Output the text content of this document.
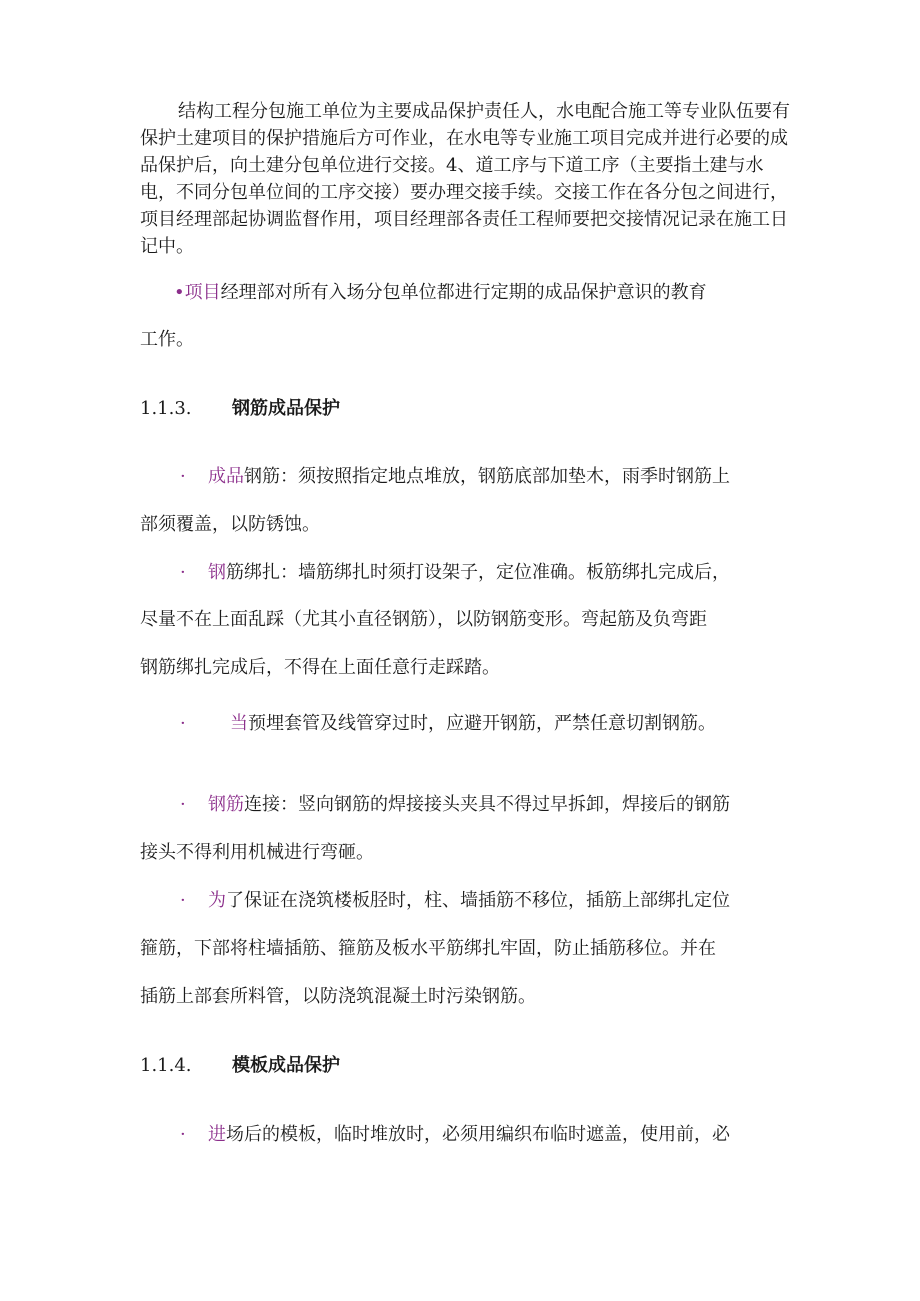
结构工程分包施工单位为主要成品保护责任人，水电配合施工等专业队伍要有保护土建项目的保护措施后方可作业，在水电等专业施工项目完成并进行必要的成品保护后，向土建分包单位进行交接。4、道工序与下道工序（主要指土建与水电，不同分包单位间的工序交接）要办理交接手续。交接工作在各分包之间进行，项目经理部起协调监督作用，项目经理部各责任工程师要把交接情况记录在施工日记中。
•项目经理部对所有入场分包单位都进行定期的成品保护意识的教育
工作。
1.1.3. 钢筋成品保护
· 成品钢筋：须按照指定地点堆放，钢筋底部加垫木，雨季时钢筋上
部须覆盖，以防锈蚀。
· 钢筋绑扎：墙筋绑扎时须打设架子，定位准确。板筋绑扎完成后，
尽量不在上面乱踩（尤其小直径钢筋），以防钢筋变形。弯起筋及负弯距
钢筋绑扎完成后，不得在上面任意行走踩踏。
· 当预埋套管及线管穿过时，应避开钢筋，严禁任意切割钢筋。
· 钢筋连接：竖向钢筋的焊接接头夹具不得过早拆卸，焊接后的钢筋
接头不得利用机械进行弯砸。
· 为了保证在浇筑楼板胫时，柱、墙插筋不移位，插筋上部绑扎定位
箍筋，下部将柱墙插筋、箍筋及板水平筋绑扎牢固，防止插筋移位。并在
插筋上部套所料管，以防浇筑混凝土时污染钢筋。
1.1.4. 模板成品保护
· 进场后的模板，临时堆放时，必须用编织布临时遮盖，使用前，必
